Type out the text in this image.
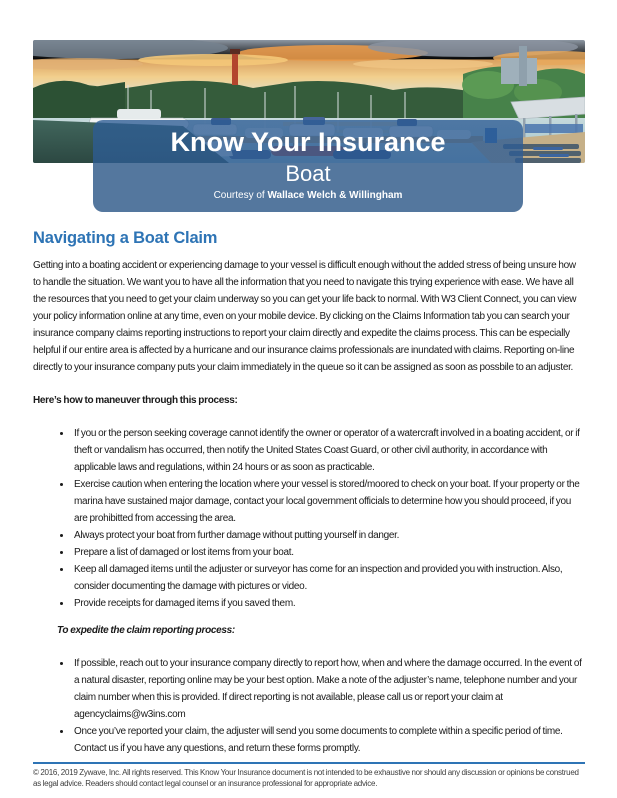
Know Your Insurance
Boat
Courtesy of Wallace Welch & Willingham
Navigating a Boat Claim

Getting into a boating accident or experiencing damage to your vessel is difficult enough without the added stress of being unsure how to handle the situation. We want you to have all the information that you need to navigate this trying experience with ease. We have all the resources that you need to get your claim underway so you can get your life back to normal. With W3 Client Connect, you can view your policy information online at any time, even on your mobile device. By clicking on the Claims Information tab you can search your insurance company claims reporting instructions to report your claim directly and expedite the claims process. This can be especially helpful if our entire area is affected by a hurricane and our insurance claims professionals are inundated with claims. Reporting on-line directly to your insurance company puts your claim immediately in the queue so it can be assigned as soon as possbile to an adjuster.

Here’s how to maneuver through this process:

• If you or the person seeking coverage cannot identify the owner or operator of a watercraft involved in a boating accident, or if theft or vandalism has occurred, then notify the United States Coast Guard, or other civil authority, in accordance with applicable laws and regulations, within 24 hours or as soon as practicable.
• Exercise caution when entering the location where your vessel is stored/moored to check on your boat. If your property or the marina have sustained major damage, contact your local government officials to determine how you should proceed, if you are prohibitted from accessing the area.
• Always protect your boat from further damage without putting yourself in danger.
• Prepare a list of damaged or lost items from your boat.
• Keep all damaged items until the adjuster or surveyor has come for an inspection and provided you with instruction. Also, consider documenting the damage with pictures or video.
• Provide receipts for damaged items if you saved them.

To expedite the claim reporting process:

• If possible, reach out to your insurance company directly to report how, when and where the damage occurred. In the event of a natural disaster, reporting online may be your best option. Make a note of the adjuster’s name, telephone number and your claim number when this is provided. If direct reporting is not available, please call us or report your claim at agencyclaims@w3ins.com
• Once you’ve reported your claim, the adjuster will send you some documents to complete within a specific period of time. Contact us if you have any questions, and return these forms promptly.
© 2016, 2019 Zywave, Inc. All rights reserved. This Know Your Insurance document is not intended to be exhaustive nor should any discussion or opinions be construed as legal advice. Readers should contact legal counsel or an insurance professional for appropriate advice.
